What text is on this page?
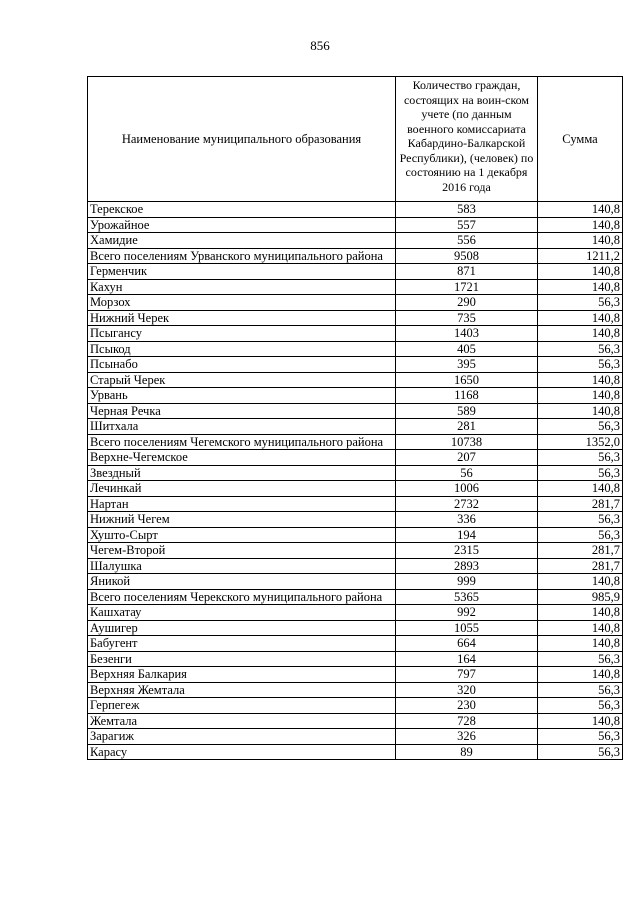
856
Наименование муниципального образования	Количество граждан, состоящих на воин-ском учете (по данным военного комиссариата Кабардино-Балкарской Республики), (человек) по состоянию на 1 декабря 2016 года	Сумма
Терекское	583	140,8
Урожайное	557	140,8
Хамидие	556	140,8
Всего поселениям Урванского муниципального района	9508	1211,2
Герменчик	871	140,8
Кахун	1721	140,8
Морзох	290	56,3
Нижний Черек	735	140,8
Псыгансу	1403	140,8
Псыкод	405	56,3
Псынабо	395	56,3
Старый Черек	1650	140,8
Урвань	1168	140,8
Черная Речка	589	140,8
Шитхала	281	56,3
Всего поселениям Чегемского муниципального района	10738	1352,0
Верхне-Чегемское	207	56,3
Звездный	56	56,3
Лечинкай	1006	140,8
Нартан	2732	281,7
Нижний Чегем	336	56,3
Хушто-Сырт	194	56,3
Чегем-Второй	2315	281,7
Шалушка	2893	281,7
Яникой	999	140,8
Всего поселениям Черекского муниципального района	5365	985,9
Кашхатау	992	140,8
Аушигер	1055	140,8
Бабугент	664	140,8
Безенги	164	56,3
Верхняя Балкария	797	140,8
Верхняя Жемтала	320	56,3
Герпегеж	230	56,3
Жемтала	728	140,8
Зарагиж	326	56,3
Карасу	89	56,3
